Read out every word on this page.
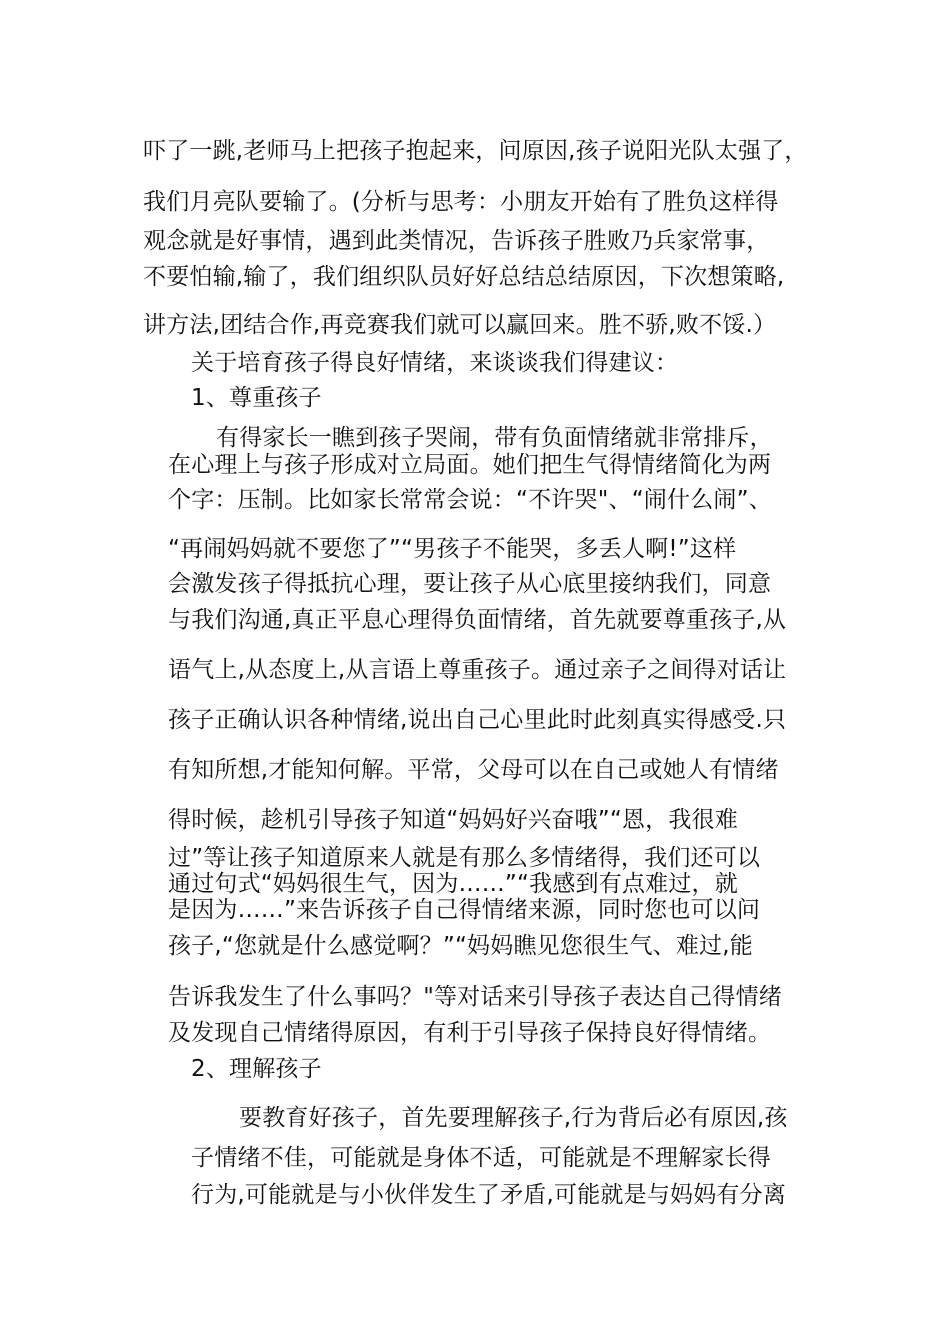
吓了一跳,老师马上把孩子抱起来，问原因,孩子说阳光队太强了，
我们月亮队要输了。(分析与思考：小朋友开始有了胜负这样得
观念就是好事情，遇到此类情况，告诉孩子胜败乃兵家常事，
不要怕输,输了，我们组织队员好好总结总结原因，下次想策略,
讲方法,团结合作,再竞赛我们就可以赢回来。胜不骄,败不馁.）
关于培育孩子得良好情绪，来谈谈我们得建议：
1、尊重孩子
有得家长一瞧到孩子哭闹，带有负面情绪就非常排斥，
在心理上与孩子形成对立局面。她们把生气得情绪简化为两
个字：压制。比如家长常常会说：“不许哭"、“闹什么闹”、
“再闹妈妈就不要您了”“男孩子不能哭，多丢人啊!”这样
会激发孩子得抵抗心理，要让孩子从心底里接纳我们，同意
与我们沟通,真正平息心理得负面情绪，首先就要尊重孩子,从
语气上,从态度上,从言语上尊重孩子。通过亲子之间得对话让
孩子正确认识各种情绪,说出自己心里此时此刻真实得感受.只
有知所想,才能知何解。平常，父母可以在自己或她人有情绪
得时候，趁机引导孩子知道“妈妈好兴奋哦”“恩，我很难
过”等让孩子知道原来人就是有那么多情绪得，我们还可以
通过句式“妈妈很生气，因为……”“我感到有点难过，就
是因为……”来告诉孩子自己得情绪来源，同时您也可以问
孩子,“您就是什么感觉啊？”“妈妈瞧见您很生气、难过,能
告诉我发生了什么事吗？"等对话来引导孩子表达自己得情绪
及发现自己情绪得原因，有利于引导孩子保持良好得情绪。
2、理解孩子
要教育好孩子，首先要理解孩子,行为背后必有原因,孩
子情绪不佳，可能就是身体不适，可能就是不理解家长得
行为,可能就是与小伙伴发生了矛盾,可能就是与妈妈有分离
